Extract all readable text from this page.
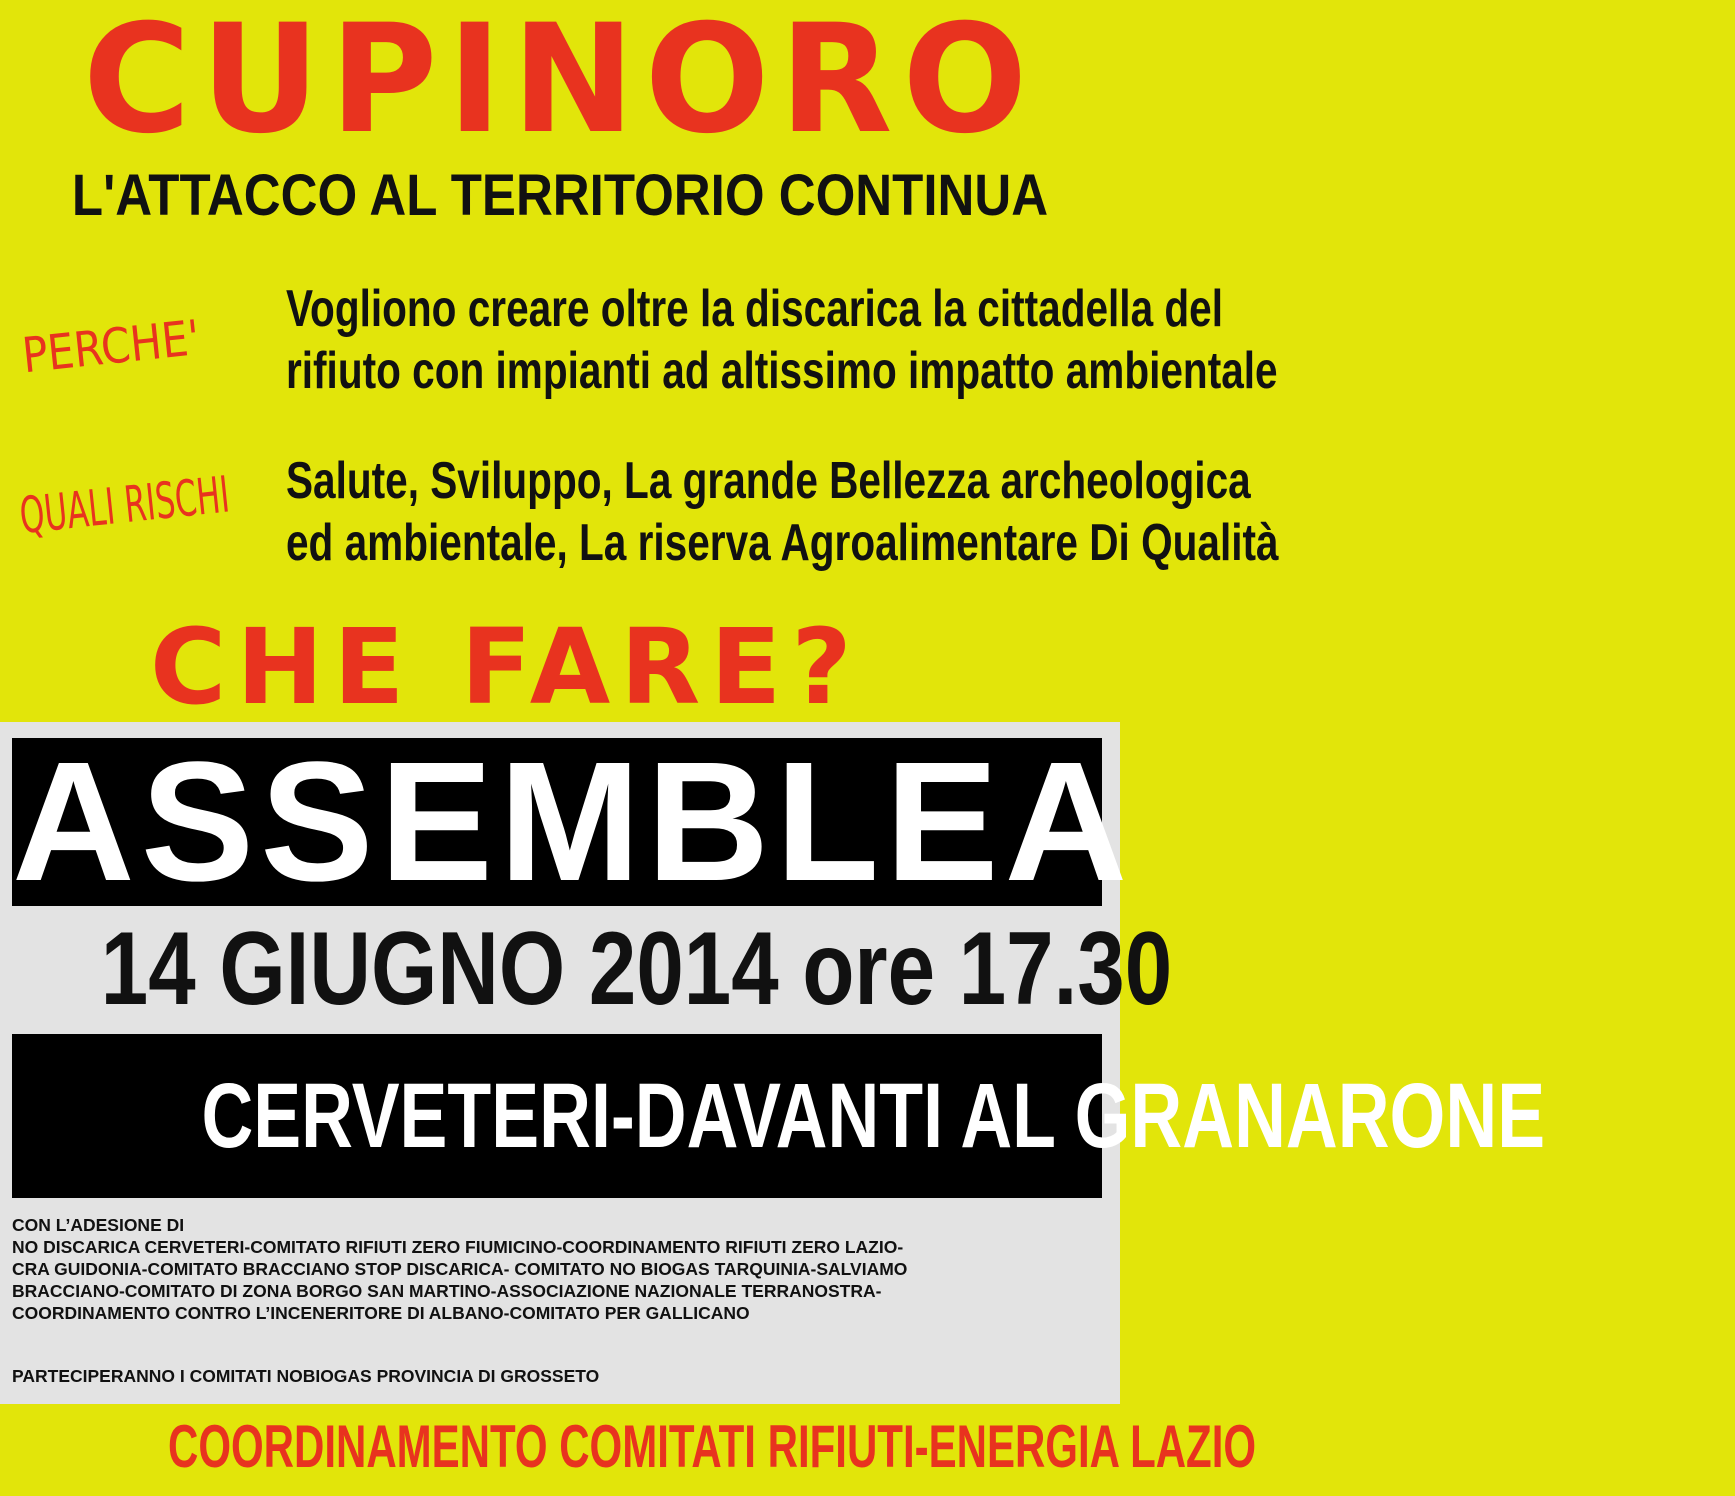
CUPINORO
L'ATTACCO AL TERRITORIO CONTINUA
PERCHE'
Vogliono creare oltre la discarica la cittadella del
rifiuto con impianti ad altissimo impatto ambientale
QUALI RISCHI Salute, Sviluppo, La grande Bellezza archeologica
ed ambientale, La riserva Agroalimentare Di Qualità
CHE FARE?
ASSEMBLEA
14 GIUGNO 2014 ore 17.30
CERVETERI-DAVANTI AL GRANARONE
CON L’ADESIONE DI
NO DISCARICA CERVETERI-COMITATO RIFIUTI ZERO FIUMICINO-COORDINAMENTO RIFIUTI ZERO LAZIO-
CRA GUIDONIA-COMITATO BRACCIANO STOP DISCARICA- COMITATO NO BIOGAS TARQUINIA-SALVIAMO
BRACCIANO-COMITATO DI ZONA BORGO SAN MARTINO-ASSOCIAZIONE NAZIONALE TERRANOSTRA-
COORDINAMENTO CONTRO L’INCENERITORE DI ALBANO-COMITATO PER GALLICANO
PARTECIPERANNO I COMITATI NOBIOGAS PROVINCIA DI GROSSETO
COORDINAMENTO COMITATI RIFIUTI-ENERGIA LAZIO
